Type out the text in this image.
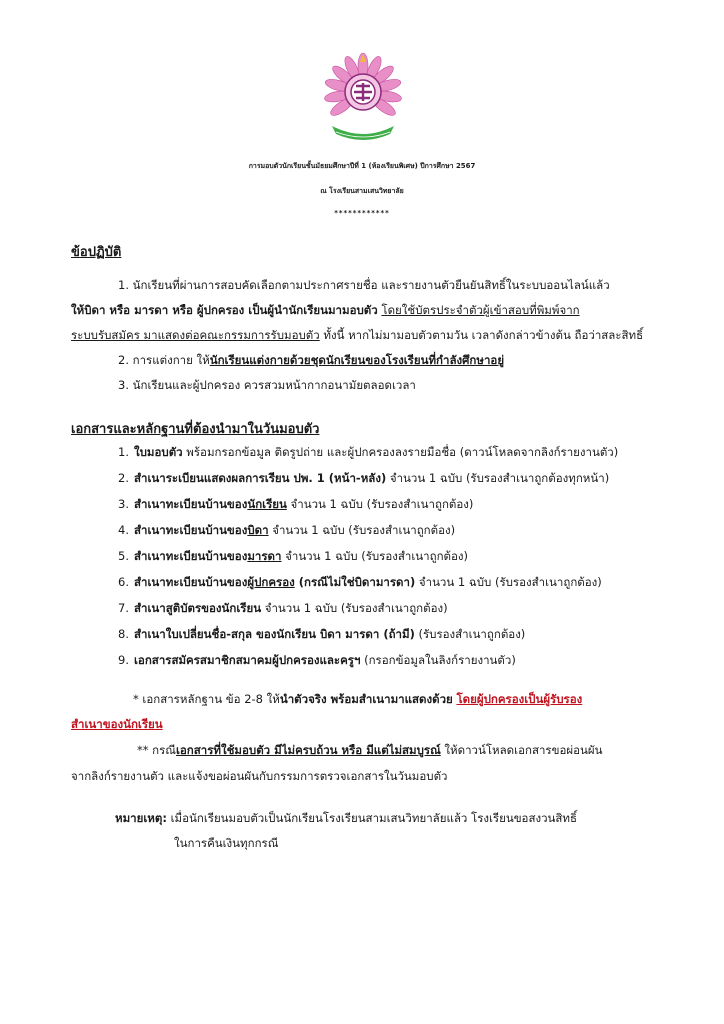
การมอบตัวนักเรียนชั้นมัธยมศึกษาปีที่ 1 (ห้องเรียนพิเศษ) ปีการศึกษา 2567
ณ โรงเรียนสามเสนวิทยาลัย
************
ข้อปฏิบัติ
1. นักเรียนที่ผ่านการสอบคัดเลือกตามประกาศรายชื่อ และรายงานตัวยืนยันสิทธิ์ในระบบออนไลน์แล้ว
ให้บิดา หรือ มารดา หรือ ผู้ปกครอง เป็นผู้นำนักเรียนมามอบตัว โดยใช้บัตรประจำตัวผู้เข้าสอบที่พิมพ์จาก
ระบบรับสมัคร มาแสดงต่อคณะกรรมการรับมอบตัว ทั้งนี้ หากไม่มามอบตัวตามวัน เวลาดังกล่าวข้างต้น ถือว่าสละสิทธิ์
2. การแต่งกาย ให้นักเรียนแต่งกายด้วยชุดนักเรียนของโรงเรียนที่กำลังศึกษาอยู่
3. นักเรียนและผู้ปกครอง ควรสวมหน้ากากอนามัยตลอดเวลา
เอกสารและหลักฐานที่ต้องนำมาในวันมอบตัว
1. ใบมอบตัว พร้อมกรอกข้อมูล ติดรูปถ่าย และผู้ปกครองลงรายมือชื่อ (ดาวน์โหลดจากลิงก์รายงานตัว)
2. สำเนาระเบียนแสดงผลการเรียน ปพ. 1 (หน้า-หลัง) จำนวน 1 ฉบับ (รับรองสำเนาถูกต้องทุกหน้า)
3. สำเนาทะเบียนบ้านของนักเรียน จำนวน 1 ฉบับ (รับรองสำเนาถูกต้อง)
4. สำเนาทะเบียนบ้านของบิดา จำนวน 1 ฉบับ (รับรองสำเนาถูกต้อง)
5. สำเนาทะเบียนบ้านของมารดา จำนวน 1 ฉบับ (รับรองสำเนาถูกต้อง)
6. สำเนาทะเบียนบ้านของผู้ปกครอง (กรณีไม่ใช่บิดามารดา) จำนวน 1 ฉบับ (รับรองสำเนาถูกต้อง)
7. สำเนาสูติบัตรของนักเรียน จำนวน 1 ฉบับ (รับรองสำเนาถูกต้อง)
8. สำเนาใบเปลี่ยนชื่อ-สกุล ของนักเรียน บิดา มารดา (ถ้ามี) (รับรองสำเนาถูกต้อง)
9. เอกสารสมัครสมาชิกสมาคมผู้ปกครองและครูฯ (กรอกข้อมูลในลิงก์รายงานตัว)
* เอกสารหลักฐาน ข้อ 2-8 ให้นำตัวจริง พร้อมสำเนามาแสดงด้วย โดยผู้ปกครองเป็นผู้รับรอง
สำเนาของนักเรียน
** กรณีเอกสารที่ใช้มอบตัว มีไม่ครบถ้วน หรือ มีแต่ไม่สมบูรณ์ ให้ดาวน์โหลดเอกสารขอผ่อนผัน
จากลิงก์รายงานตัว และแจ้งขอผ่อนผันกับกรรมการตรวจเอกสารในวันมอบตัว
หมายเหตุ: เมื่อนักเรียนมอบตัวเป็นนักเรียนโรงเรียนสามเสนวิทยาลัยแล้ว โรงเรียนขอสงวนสิทธิ์
ในการคืนเงินทุกกรณี
